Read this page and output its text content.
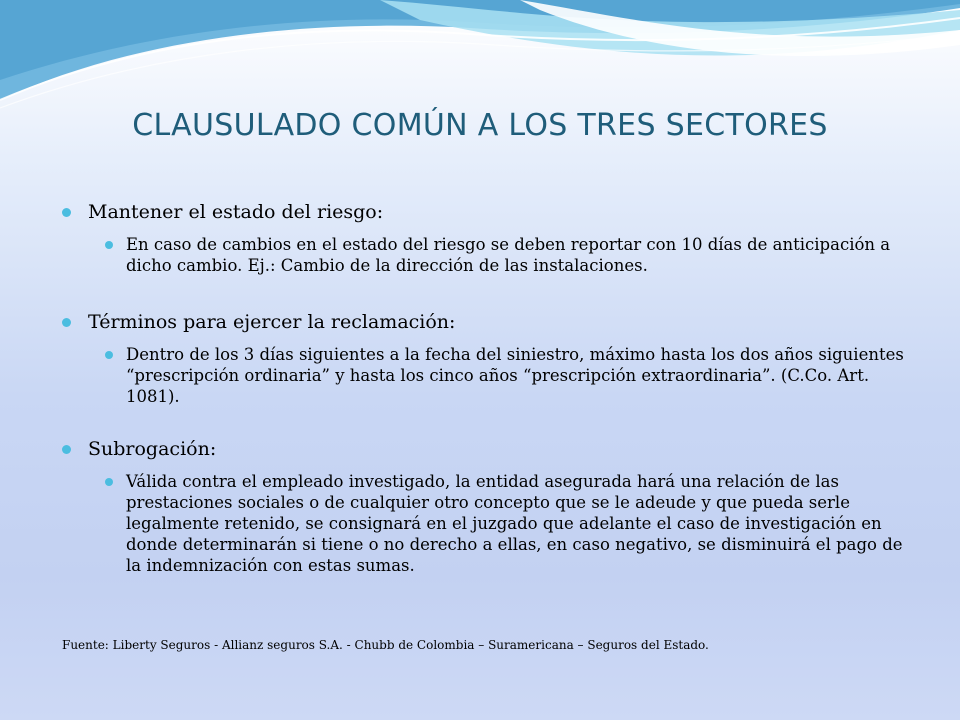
CLAUSULADO COMÚN A LOS TRES SECTORES
Mantener el estado del riesgo:
En caso de cambios en el estado del riesgo se deben reportar con 10 días de anticipación a dicho cambio. Ej.: Cambio de la dirección de las instalaciones.
Términos para ejercer la reclamación:
Dentro de los 3 días siguientes a la fecha del siniestro, máximo hasta los dos años siguientes “prescripción ordinaria” y hasta los cinco años “prescripción extraordinaria”. (C.Co. Art. 1081).
Subrogación:
Válida contra el empleado investigado, la entidad asegurada hará una relación de las prestaciones sociales o de cualquier otro concepto que se le adeude y que pueda serle legalmente retenido, se consignará en el juzgado que adelante el caso de investigación en donde determinarán si tiene o no derecho a ellas, en caso negativo, se disminuirá el pago de la indemnización con estas sumas.
Fuente: Liberty Seguros - Allianz seguros S.A. - Chubb de Colombia – Suramericana – Seguros del Estado.
